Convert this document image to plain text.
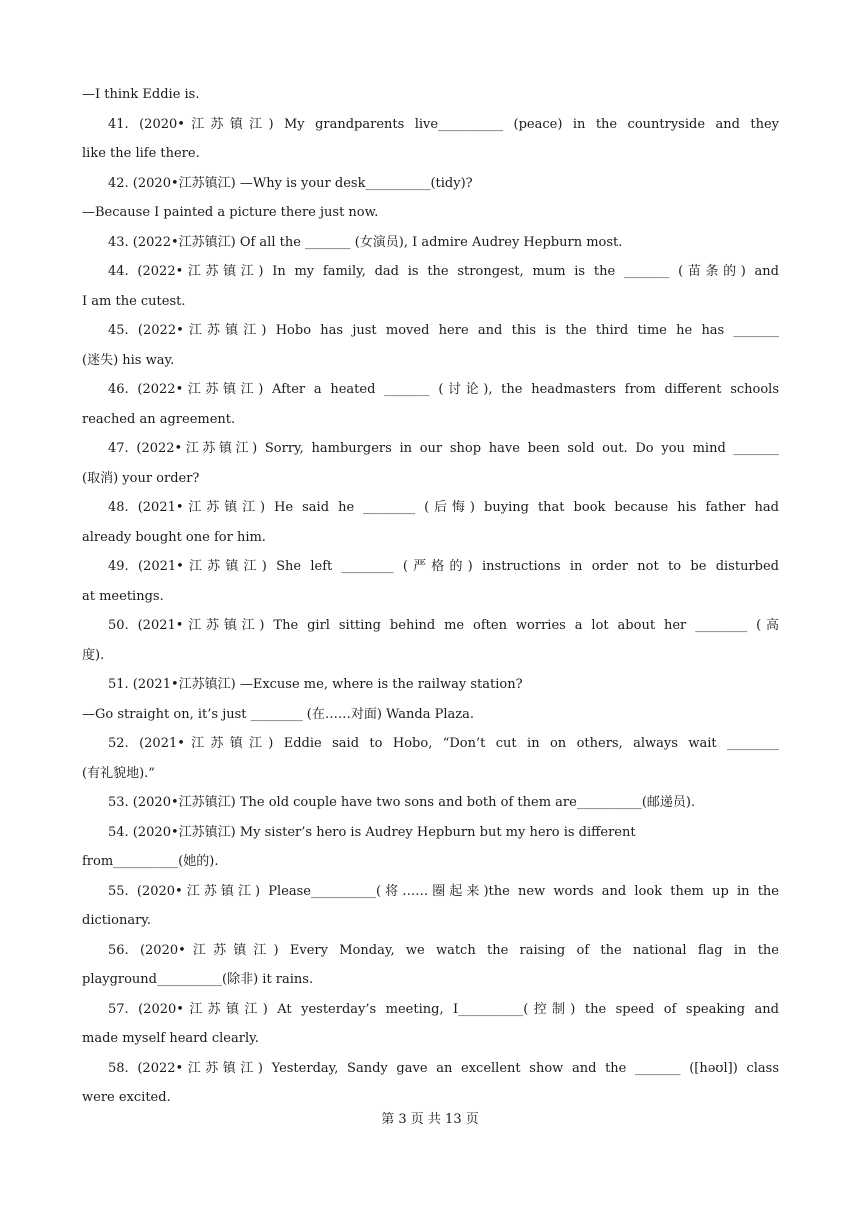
—I think Eddie is.
41. (2020•江苏镇江) My grandparents live__________ (peace) in the countryside and they
like the life there.
42. (2020•江苏镇江) —Why is your desk__________(tidy)?
—Because I painted a picture there just now.
43. (2022•江苏镇江) Of all the _______ (女演员), I admire Audrey Hepburn most.
44. (2022•江苏镇江) In my family, dad is the strongest, mum is the _______ (苗条的) and
I am the cutest.
45. (2022•江苏镇江) Hobo has just moved here and this is the third time he has _______
(迷失) his way.
46. (2022•江苏镇江) After a heated _______ (讨论), the headmasters from different schools
reached an agreement.
47. (2022•江苏镇江) Sorry, hamburgers in our shop have been sold out. Do you mind _______
(取消) your order?
48. (2021•江苏镇江) He said he ________ (后悔) buying that book because his father had
already bought one for him.
49. (2021•江苏镇江) She left ________ (严格的) instructions in order not to be disturbed
at meetings.
50. (2021•江苏镇江) The girl sitting behind me often worries a lot about her ________ (高
度).
51. (2021•江苏镇江) —Excuse me, where is the railway station?
—Go straight on, it’s just ________ (在……对面) Wanda Plaza.
52. (2021•江苏镇江) Eddie said to Hobo, “Don’t cut in on others, always wait ________
(有礼貌地).”
53. (2020•江苏镇江) The old couple have two sons and both of them are__________(邮递员).
54. (2020•江苏镇江) My sister’s hero is Audrey Hepburn but my hero is different
from__________(她的).
55. (2020•江苏镇江) Please__________(将……圈起来)the new words and look them up in the
dictionary.
56. (2020•江苏镇江) Every Monday, we watch the raising of the national flag in the
playground__________(除非) it rains.
57. (2020•江苏镇江) At yesterday’s meeting, I__________(控制) the speed of speaking and
made myself heard clearly.
58. (2022•江苏镇江) Yesterday, Sandy gave an excellent show and the _______ ([həʊl]) class
were excited.
第 3 页 共 13 页
